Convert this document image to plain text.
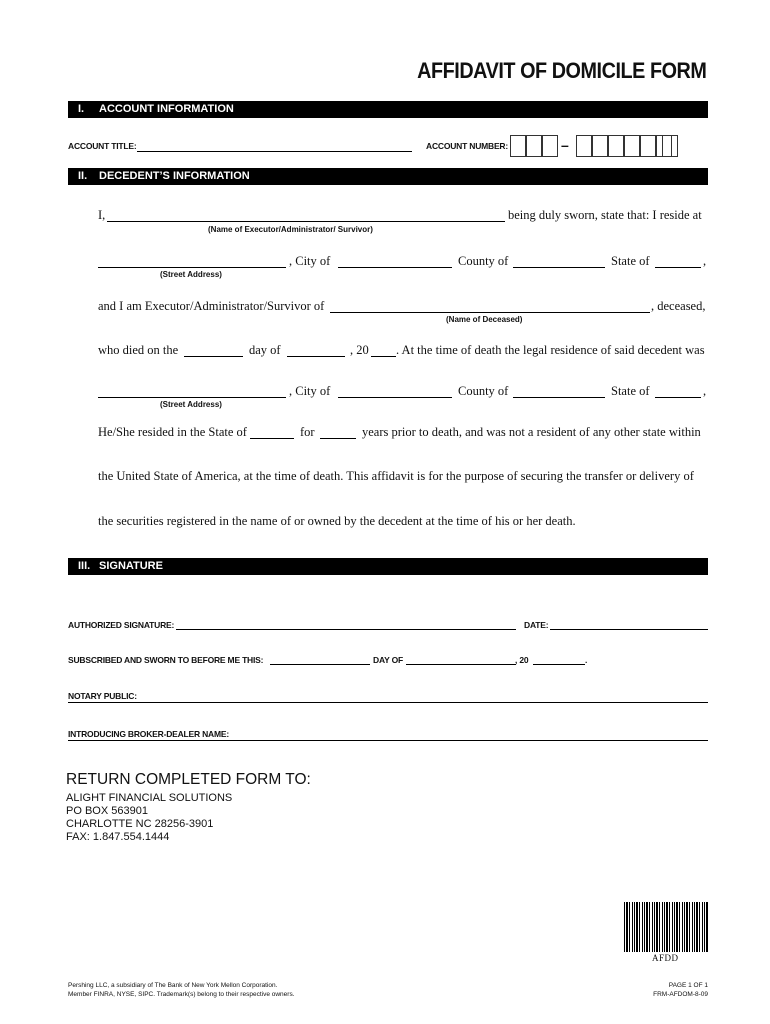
AFFIDAVIT OF DOMICILE FORM
I. ACCOUNT INFORMATION
ACCOUNT TITLE:	ACCOUNT NUMBER:	–
II. DECEDENT’S INFORMATION
I,	being duly sworn, state that: I reside at
(Name of Executor/Administrator/ Survivor)
, City of	County of	State of	,
(Street Address)
and I am Executor/Administrator/Survivor of	, deceased,
(Name of Deceased)
who died on the	day of	, 20 . At the time of death the legal residence of said decedent was
, City of	County of	State of	,
(Street Address)
He/She resided in the State of	for	years prior to death, and was not a resident of any other state within
the United State of America, at the time of death. This affidavit is for the purpose of securing the transfer or delivery of
the securities registered in the name of or owned by the decedent at the time of his or her death.
III. SIGNATURE
AUTHORIZED SIGNATURE:	DATE:
SUBSCRIBED AND SWORN TO BEFORE ME THIS:	DAY OF	, 20	.
NOTARY PUBLIC:
INTRODUCING BROKER-DEALER NAME:
RETURN COMPLETED FORM TO:
ALIGHT FINANCIAL SOLUTIONS
PO BOX 563901
CHARLOTTE NC 28256-3901
FAX: 1.847.554.1444
AFDD
Pershing LLC, a subsidiary of The Bank of New York Mellon Corporation.
Member FINRA, NYSE, SIPC. Trademark(s) belong to their respective owners.
PAGE 1 OF 1
FRM-AFDOM-8-09
